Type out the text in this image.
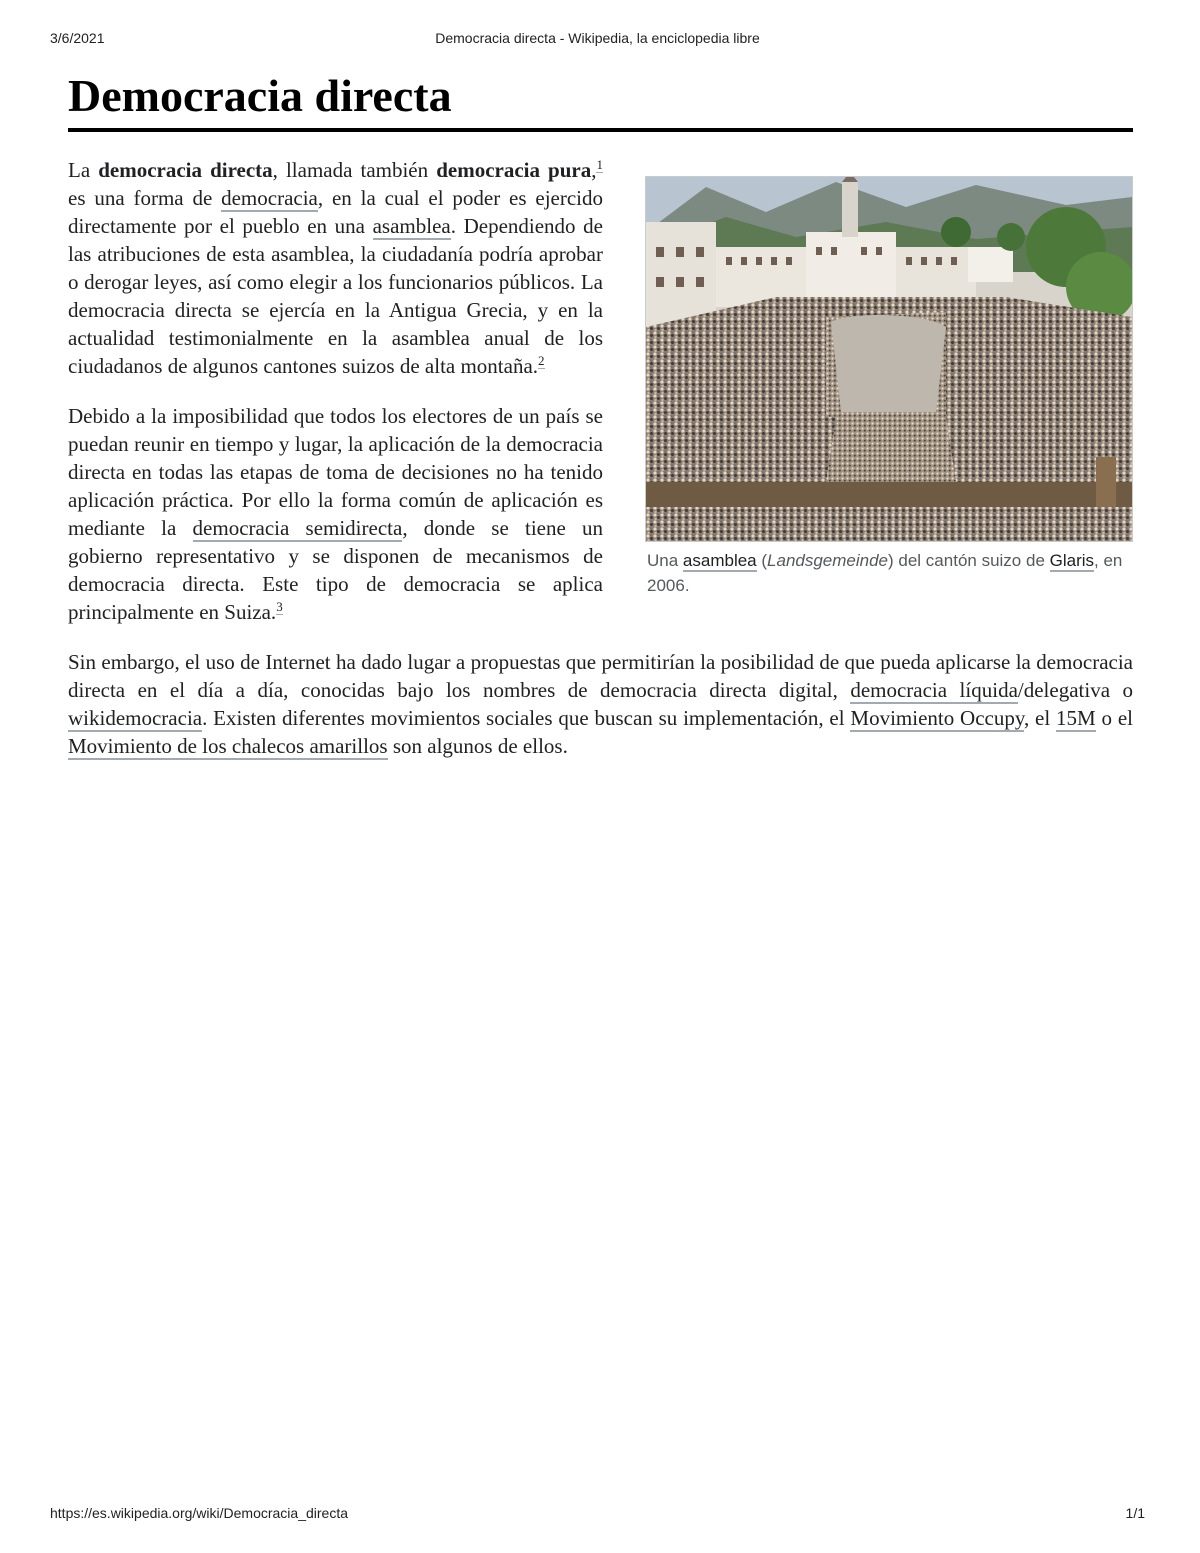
3/6/2021	Democracia directa - Wikipedia, la enciclopedia libre
Democracia directa
Una asamblea (Landsgemeinde) del cantón suizo de Glaris, en 2006.

La democracia directa, llamada también democracia pura,$^1$ es una forma de democracia, en la cual el poder es ejercido directamente por el pueblo en una asamblea. Dependiendo de las atribuciones de esta asamblea, la ciudadanía podría aprobar o derogar leyes, así como elegir a los funcionarios públicos. La democracia directa se ejercía en la Antigua Grecia, y en la actualidad testimonialmente en la asamblea anual de los ciudadanos de algunos cantones suizos de alta montaña.$^2$

Debido a la imposibilidad que todos los electores de un país se puedan reunir en tiempo y lugar, la aplicación de la democracia directa en todas las etapas de toma de decisiones no ha tenido aplicación práctica. Por ello la forma común de aplicación es mediante la democracia semidirecta, donde se tiene un gobierno representativo y se disponen de mecanismos de democracia directa. Este tipo de democracia se aplica principalmente en Suiza.$^3$

Sin embargo, el uso de Internet ha dado lugar a propuestas que permitirían la posibilidad de que pueda aplicarse la democracia directa en el día a día, conocidas bajo los nombres de democracia directa digital, democracia líquida/delegativa o wikidemocracia. Existen diferentes movimientos sociales que buscan su implementación, el Movimiento Occupy, el 15M o el Movimiento de los chalecos amarillos son algunos de ellos.

https://es.wikipedia.org/wiki/Democracia_directa	1/1
